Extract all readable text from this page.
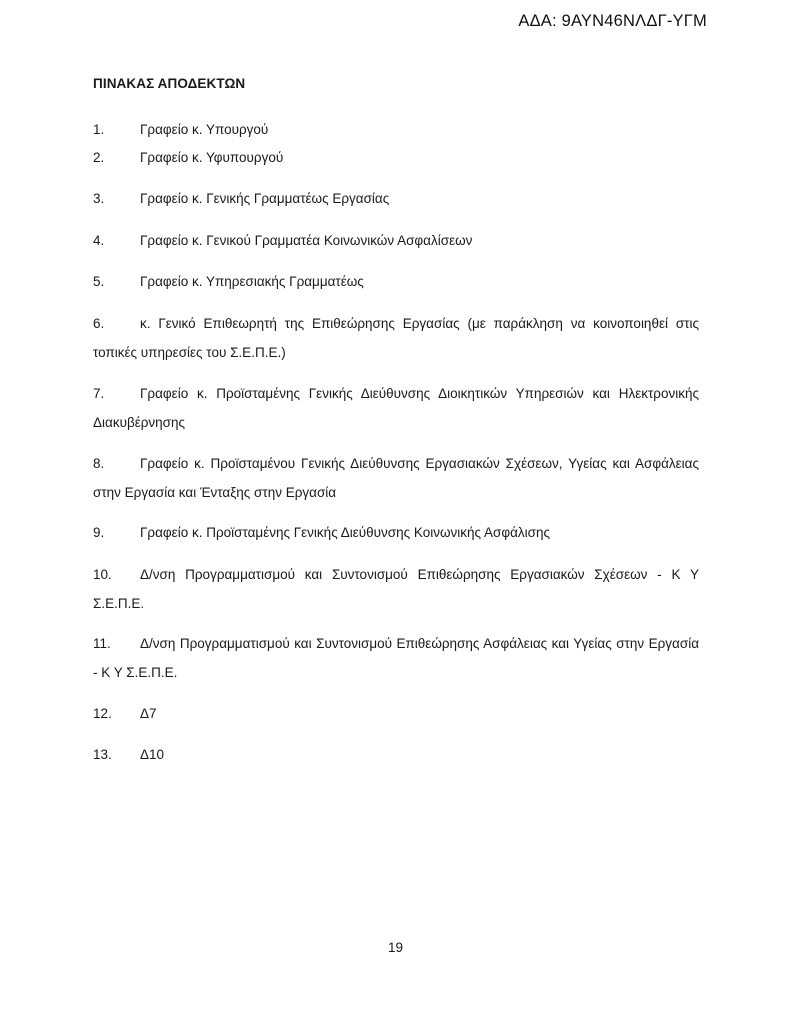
ΑΔΑ: 9ΑΥΝ46ΝΛΔΓ-ΥΓΜ
ΠΙΝΑΚΑΣ ΑΠΟΔΕΚΤΩΝ
1.	Γραφείο κ. Υπουργού
2.	Γραφείο κ. Υφυπουργού
3.	Γραφείο κ. Γενικής Γραμματέως Εργασίας
4.	Γραφείο κ. Γενικού Γραμματέα Κοινωνικών Ασφαλίσεων
5.	Γραφείο κ. Υπηρεσιακής Γραμματέως
6.	κ. Γενικό Επιθεωρητή της Επιθεώρησης Εργασίας (με παράκληση να κοινοποιηθεί στις τοπικές υπηρεσίες του Σ.Ε.Π.Ε.)
7.	Γραφείο κ. Προϊσταμένης Γενικής Διεύθυνσης Διοικητικών Υπηρεσιών και Ηλεκτρονικής Διακυβέρνησης
8.	Γραφείο κ. Προϊσταμένου Γενικής Διεύθυνσης Εργασιακών Σχέσεων, Υγείας και Ασφάλειας στην Εργασία και Ένταξης στην Εργασία
9.	Γραφείο κ. Προϊσταμένης Γενικής Διεύθυνσης Κοινωνικής Ασφάλισης
10. Δ/νση Προγραμματισμού και Συντονισμού Επιθεώρησης Εργασιακών Σχέσεων - Κ Υ Σ.Ε.Π.Ε.
11. Δ/νση Προγραμματισμού και Συντονισμού Επιθεώρησης Ασφάλειας και Υγείας στην Εργασία - Κ Υ Σ.Ε.Π.Ε.
12. Δ7
13. Δ10
19
